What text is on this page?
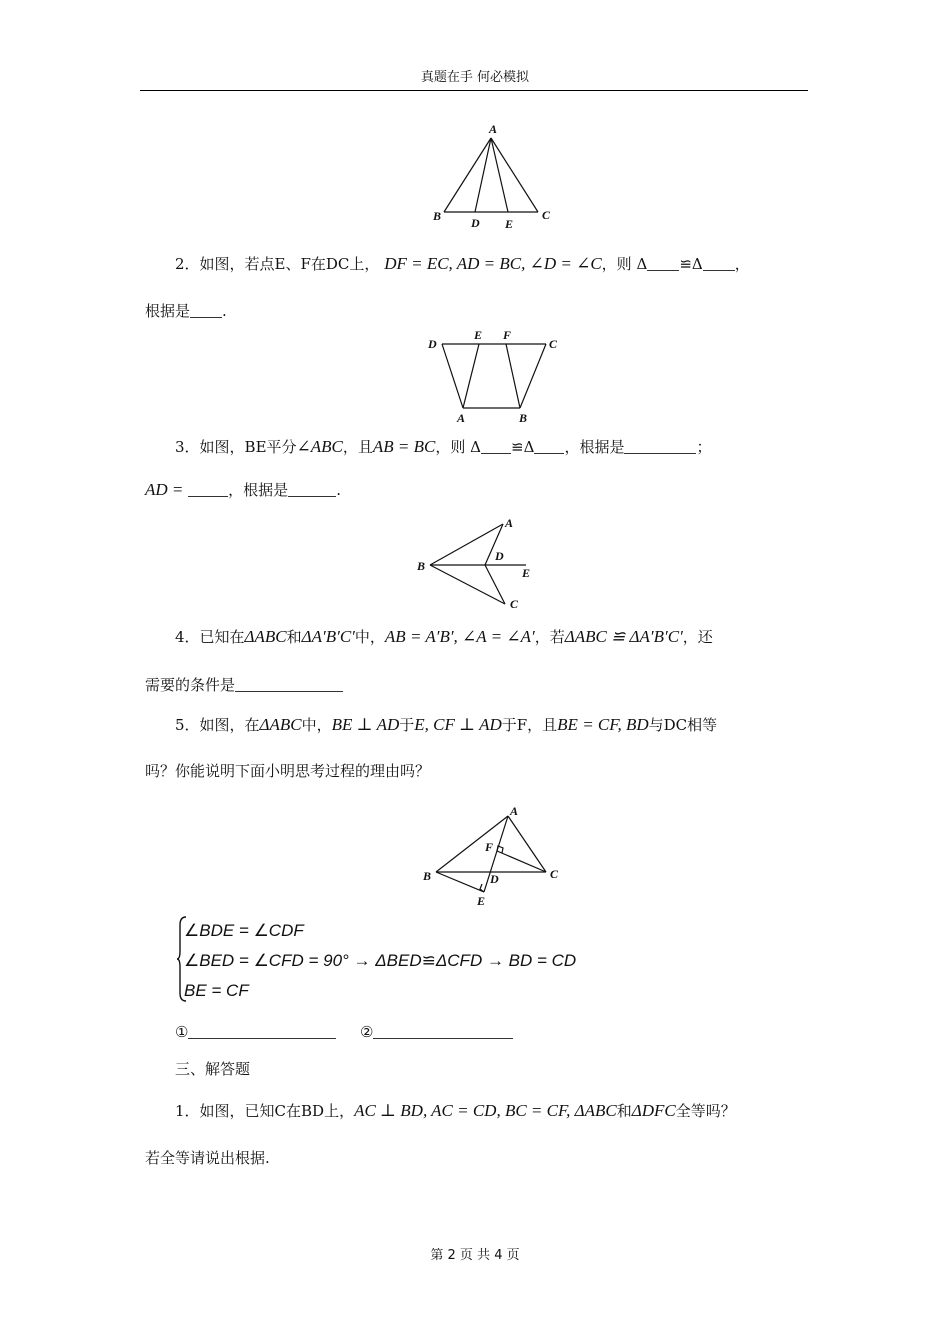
真题在手 何必模拟
A
B D E
C
2．如图，若点E、F在DC上， DF = EC, AD = BC, ∠D = ∠C，则 Δ ≌Δ ，
根据是 .
D
E F
C
A	B
3．如图，BE平分∠ABC，且AB = BC，则 Δ ≌Δ ，根据是	；
AD =	，根据是	.
A
D
B	E
C
4．已知在ΔABC和ΔA′B′C′中，AB = A′B′, ∠A = ∠A′，若ΔABC ≌ ΔA′B′C′，还
需要的条件是
5．如图，在ΔABC中，BE ⊥ AD于E, CF ⊥ AD于F，且BE = CF, BD与DC相等
吗？你能说明下面小明思考过程的理由吗？
A
F
B	D	C
E
∠BDE = ∠CDF
∠BED = ∠CFD = 90° → ΔBED≌ΔCFD → BD = CD
BE = CF
①	②
三、解答题
1．如图，已知C在BD上，AC ⊥ BD, AC = CD, BC = CF, ΔABC和ΔDFC全等吗？
若全等请说出根据.
第 2 页 共 4 页
